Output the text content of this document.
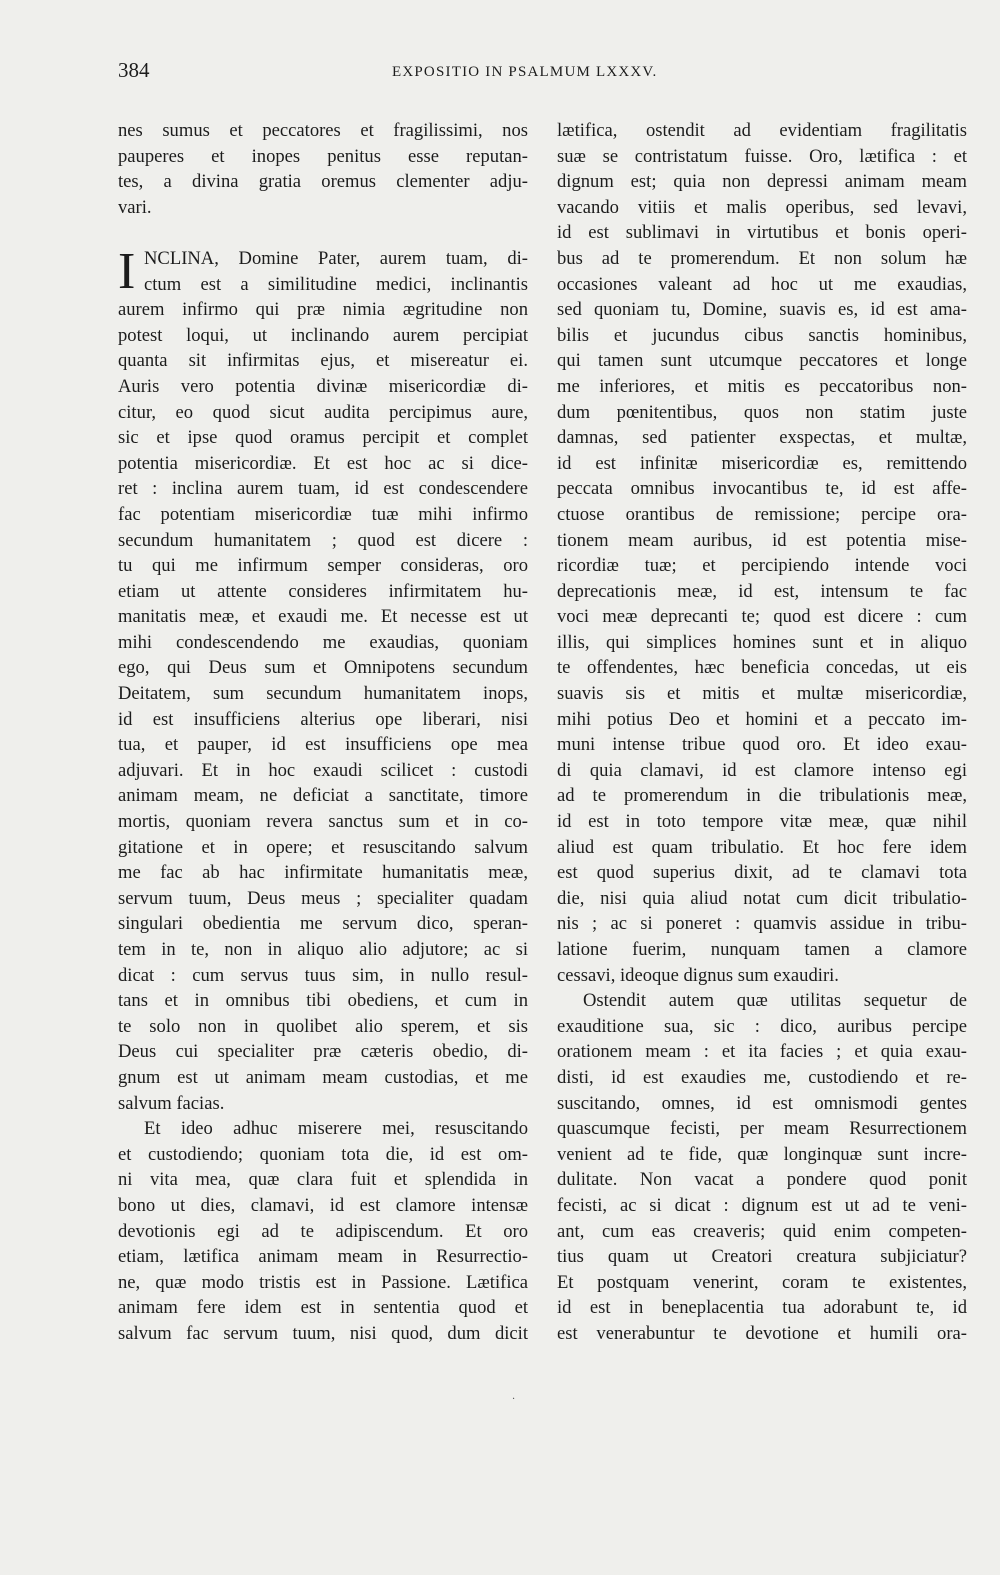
384	EXPOSITIO IN PSALMUM LXXXV.
nes sumus et peccatores et fragilissimi, nos
pauperes et inopes penitus esse reputan-
tes, a divina gratia oremus clementer adju-
vari.
I NCLINA, Domine Pater, aurem tuam, di-
ctum est a similitudine medici, inclinantis
aurem infirmo qui præ nimia ægritudine non
potest loqui, ut inclinando aurem percipiat
quanta sit infirmitas ejus, et misereatur ei.
Auris vero potentia divinæ misericordiæ di-
citur, eo quod sicut audita percipimus aure,
sic et ipse quod oramus percipit et complet
potentia misericordiæ. Et est hoc ac si dice-
ret : inclina aurem tuam, id est condescendere
fac potentiam misericordiæ tuæ mihi infirmo
secundum humanitatem ; quod est dicere :
tu qui me infirmum semper consideras, oro
etiam ut attente consideres infirmitatem hu-
manitatis meæ, et exaudi me. Et necesse est ut
mihi condescendendo me exaudias, quoniam
ego, qui Deus sum et Omnipotens secundum
Deitatem, sum secundum humanitatem inops,
id est insufficiens alterius ope liberari, nisi
tua, et pauper, id est insufficiens ope mea
adjuvari. Et in hoc exaudi scilicet : custodi
animam meam, ne deficiat a sanctitate, timore
mortis, quoniam revera sanctus sum et in co-
gitatione et in opere; et resuscitando salvum
me fac ab hac infirmitate humanitatis meæ,
servum tuum, Deus meus ; specialiter quadam
singulari obedientia me servum dico, speran-
tem in te, non in aliquo alio adjutore; ac si
dicat : cum servus tuus sim, in nullo resul-
tans et in omnibus tibi obediens, et cum in
te solo non in quolibet alio sperem, et sis
Deus cui specialiter præ cæteris obedio, di-
gnum est ut animam meam custodias, et me
salvum facias.
Et ideo adhuc miserere mei, resuscitando
et custodiendo; quoniam tota die, id est om-
ni vita mea, quæ clara fuit et splendida in
bono ut dies, clamavi, id est clamore intensæ
devotionis egi ad te adipiscendum. Et oro
etiam, lætifica animam meam in Resurrectio-
ne, quæ modo tristis est in Passione. Lætifica
animam fere idem est in sententia quod et
salvum fac servum tuum, nisi quod, dum dicit
lætifica, ostendit ad evidentiam fragilitatis
suæ se contristatum fuisse. Oro, lætifica : et
dignum est; quia non depressi animam meam
vacando vitiis et malis operibus, sed levavi,
id est sublimavi in virtutibus et bonis operi-
bus ad te promerendum. Et non solum hæ
occasiones valeant ad hoc ut me exaudias,
sed quoniam tu, Domine, suavis es, id est ama-
bilis et jucundus cibus sanctis hominibus,
qui tamen sunt utcumque peccatores et longe
me inferiores, et mitis es peccatoribus non-
dum pœnitentibus, quos non statim juste
damnas, sed patienter exspectas, et multæ,
id est infinitæ misericordiæ es, remittendo
peccata omnibus invocantibus te, id est affe-
ctuose orantibus de remissione; percipe ora-
tionem meam auribus, id est potentia mise-
ricordiæ tuæ; et percipiendo intende voci
deprecationis meæ, id est, intensum te fac
voci meæ deprecanti te; quod est dicere : cum
illis, qui simplices homines sunt et in aliquo
te offendentes, hæc beneficia concedas, ut eis
suavis sis et mitis et multæ misericordiæ,
mihi potius Deo et homini et a peccato im-
muni intense tribue quod oro. Et ideo exau-
di quia clamavi, id est clamore intenso egi
ad te promerendum in die tribulationis meæ,
id est in toto tempore vitæ meæ, quæ nihil
aliud est quam tribulatio. Et hoc fere idem
est quod superius dixit, ad te clamavi tota
die, nisi quia aliud notat cum dicit tribulatio-
nis ; ac si poneret : quamvis assidue in tribu-
latione fuerim, nunquam tamen a clamore
cessavi, ideoque dignus sum exaudiri.
Ostendit autem quæ utilitas sequetur de
exauditione sua, sic : dico, auribus percipe
orationem meam : et ita facies ; et quia exau-
disti, id est exaudies me, custodiendo et re-
suscitando, omnes, id est omnismodi gentes
quascumque fecisti, per meam Resurrectionem
venient ad te fide, quæ longinquæ sunt incre-
dulitate. Non vacat a pondere quod ponit
fecisti, ac si dicat : dignum est ut ad te veni-
ant, cum eas creaveris; quid enim competen-
tius quam ut Creatori creatura subjiciatur?
Et postquam venerint, coram te existentes,
id est in beneplacentia tua adorabunt te, id
est venerabuntur te devotione et humili ora-
·
